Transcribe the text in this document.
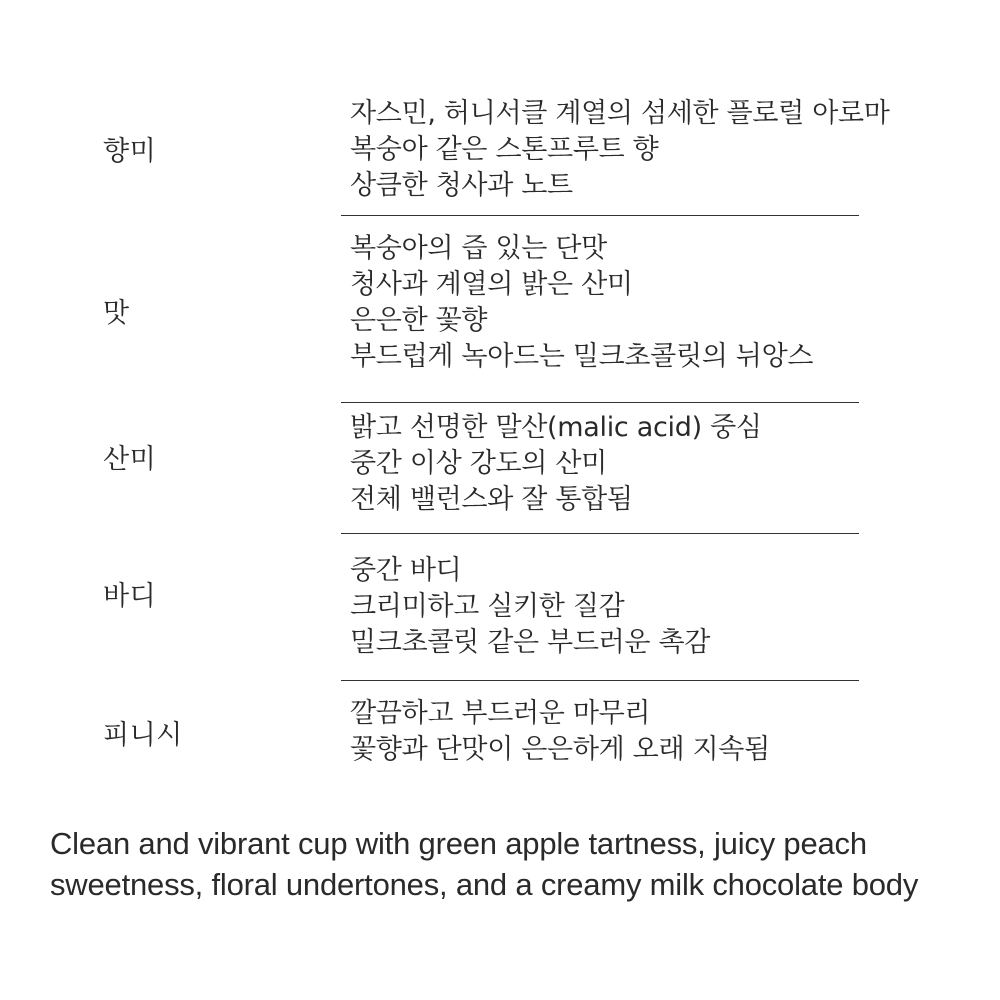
향미
자스민, 허니서클 계열의 섬세한 플로럴 아로마
복숭아 같은 스톤프루트 향
상큼한 청사과 노트
맛
복숭아의 즙 있는 단맛
청사과 계열의 밝은 산미
은은한 꽃향
부드럽게 녹아드는 밀크초콜릿의 뉘앙스
산미
밝고 선명한 말산(malic acid) 중심
중간 이상 강도의 산미
전체 밸런스와 잘 통합됨
바디
중간 바디
크리미하고 실키한 질감
밀크초콜릿 같은 부드러운 촉감
피니시
깔끔하고 부드러운 마무리
꽃향과 단맛이 은은하게 오래 지속됨

Clean and vibrant cup with green apple tartness, juicy peach
sweetness, floral undertones, and a creamy milk chocolate body
